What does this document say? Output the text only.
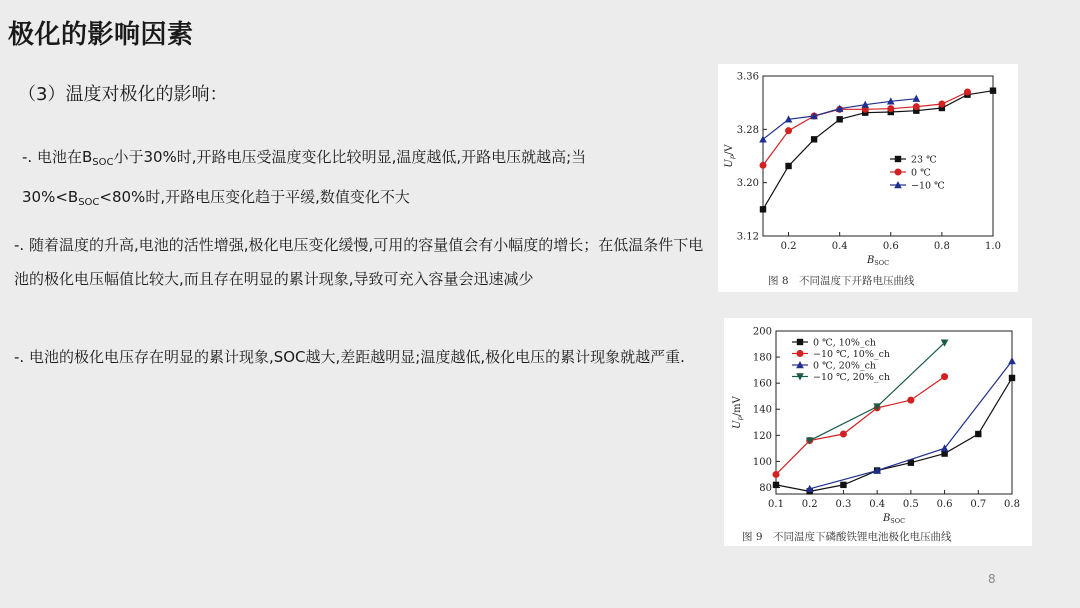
极化的影响因素
（3）温度对极化的影响：
-. 电池在$B_{SOC}$小于30%时,开路电压受温度变化比较明显,温度越低,开路电压就越高;当
$30\%<B_{SOC}<80\%$时,开路电压变化趋于平缓,数值变化不大
-. 随着温度的升高,电池的活性增强,极化电压变化缓慢,可用的容量值会有小幅度的增长；在低温条件下电池的极化电压幅值比较大,而且存在明显的累计现象,导致可充入容量会迅速减少
-. 电池的极化电压存在明显的累计现象,SOC越大,差距越明显;温度越低,极化电压的累计现象就越严重.
0.2	0.4	0.6	0.8	1.0
3.12
3.20
3.28
3.36
$B_{SOC}$
$U_p/V$
23 ℃
0 ℃
−10 ℃
图 8　不同温度下开路电压曲线
0.1 0.2 0.3 0.4 0.5 0.6 0.7 0.8
80
100
120
140
160
180
200
$B_{SOC}$
$U_p/mV$
0 ℃, 10%_ch
−10 ℃, 10%_ch
0 ℃, 20%_ch
−10 ℃, 20%_ch
图 9　不同温度下磷酸铁锂电池极化电压曲线
8
